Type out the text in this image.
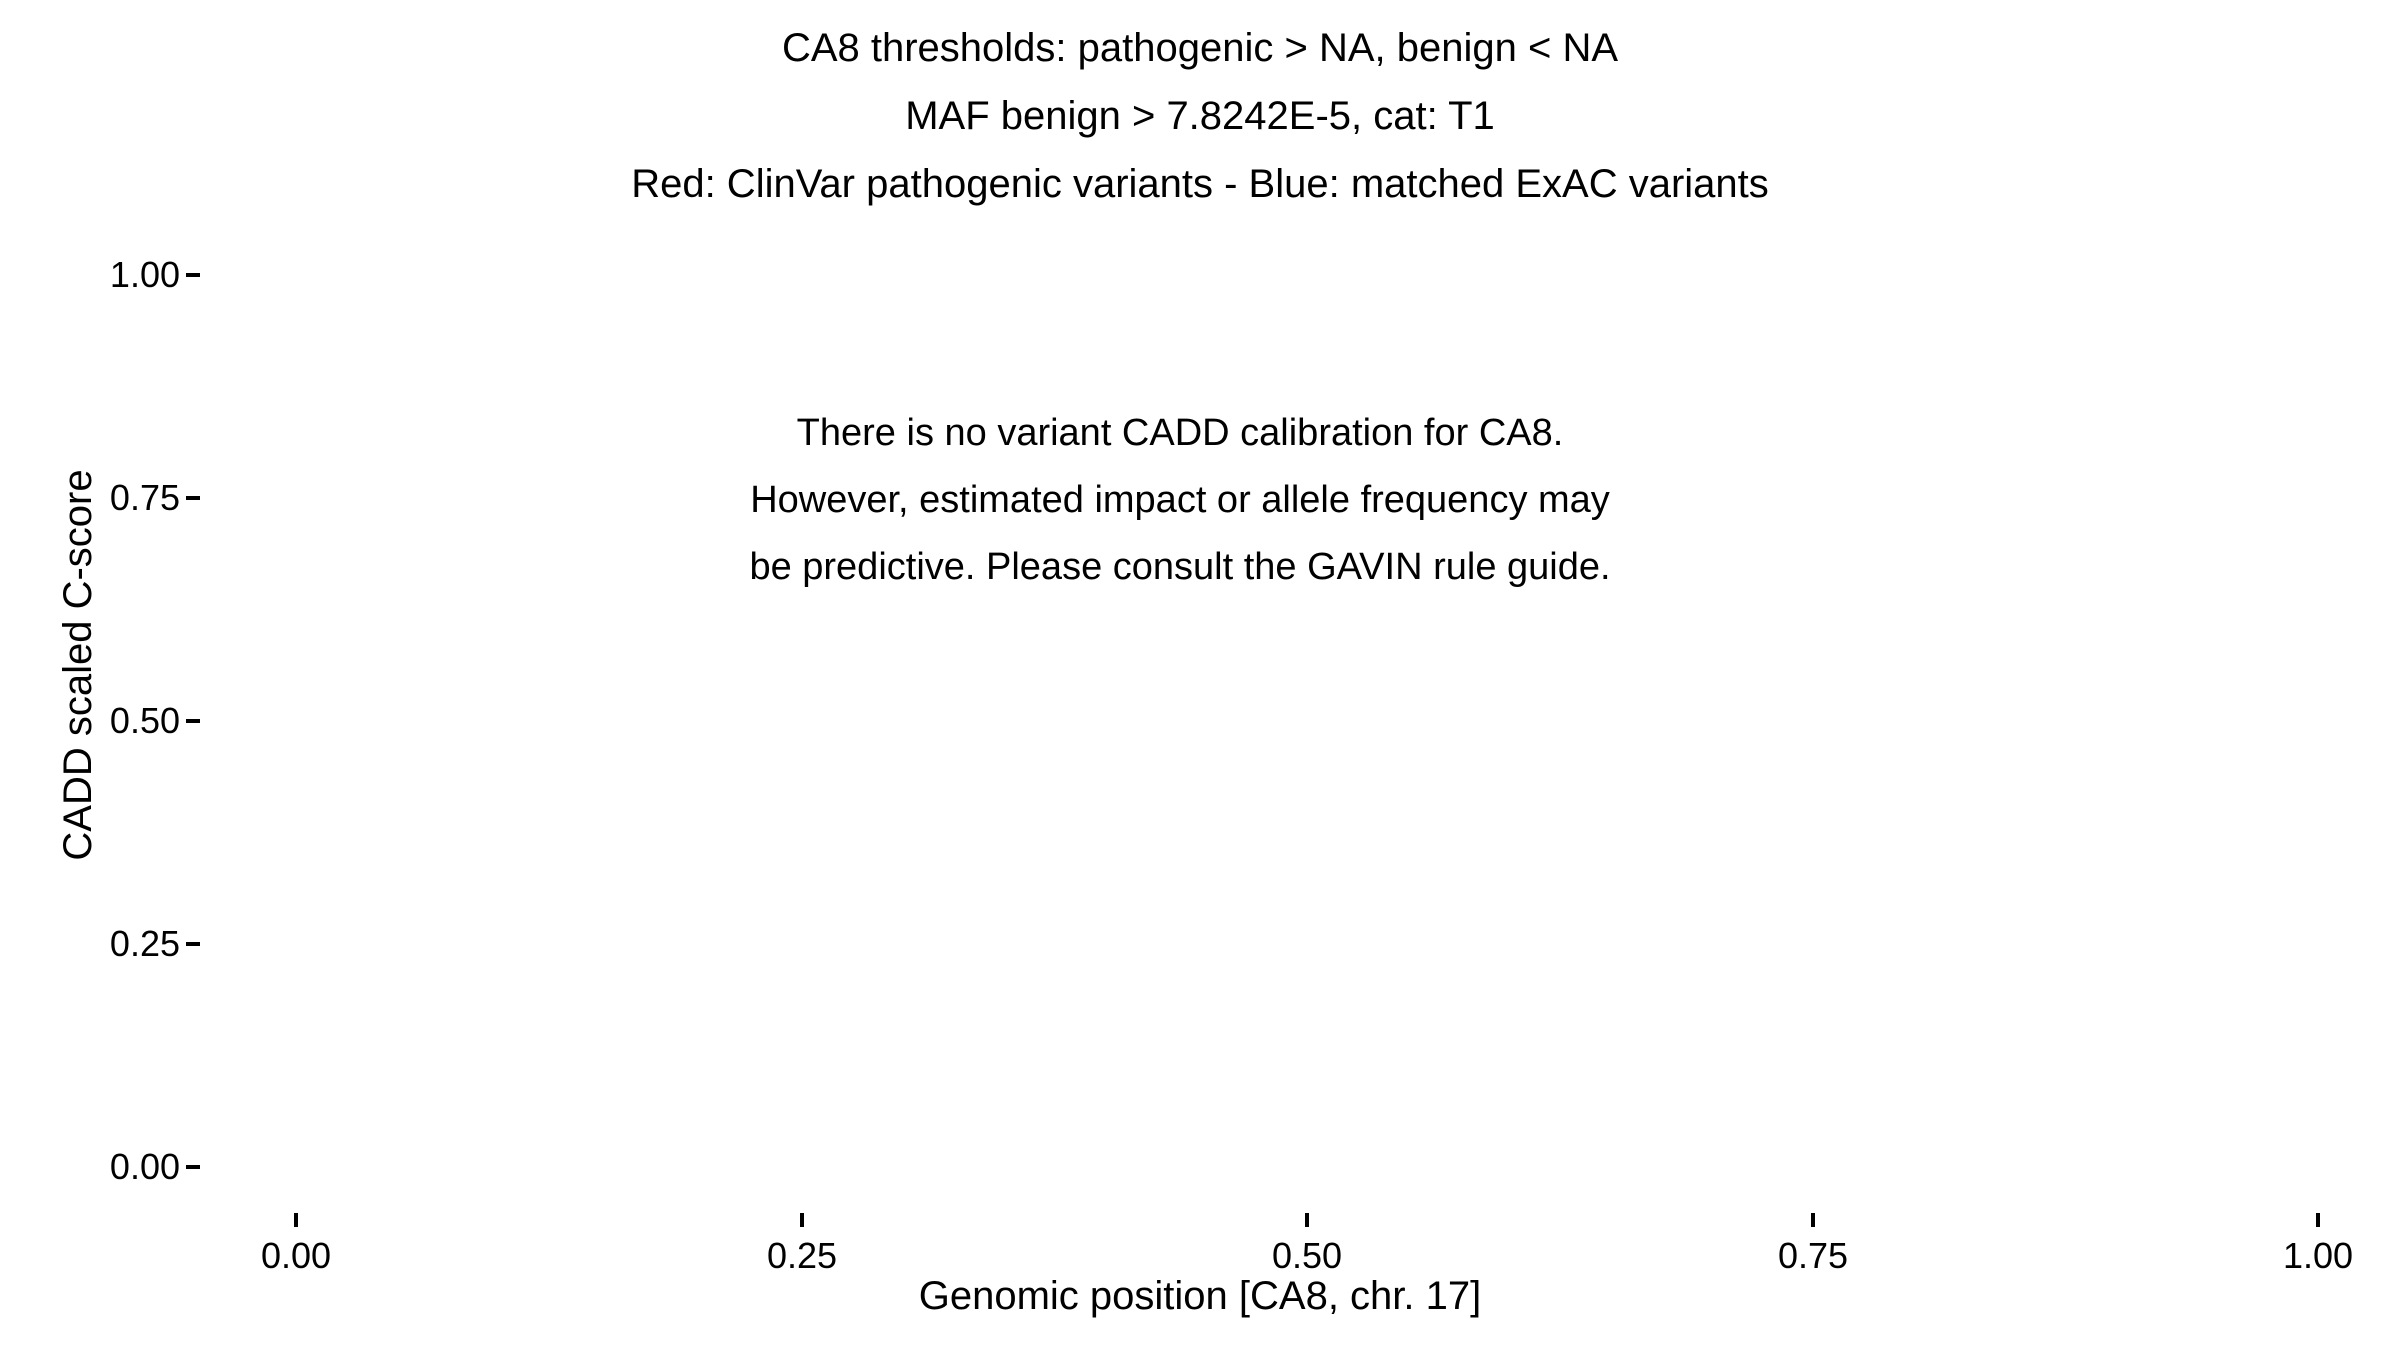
CA8 thresholds: pathogenic > NA, benign < NA
MAF benign > 7.8242E-5, cat: T1
Red: ClinVar pathogenic variants - Blue: matched ExAC variants
CADD scaled C-score
1.00
0.75
0.50
0.25
0.00
0.00	0.25	0.50	0.75	1.00
There is no variant CADD calibration for CA8.
However, estimated impact or allele frequency may
be predictive. Please consult the GAVIN rule guide.
Genomic position [CA8, chr. 17]
